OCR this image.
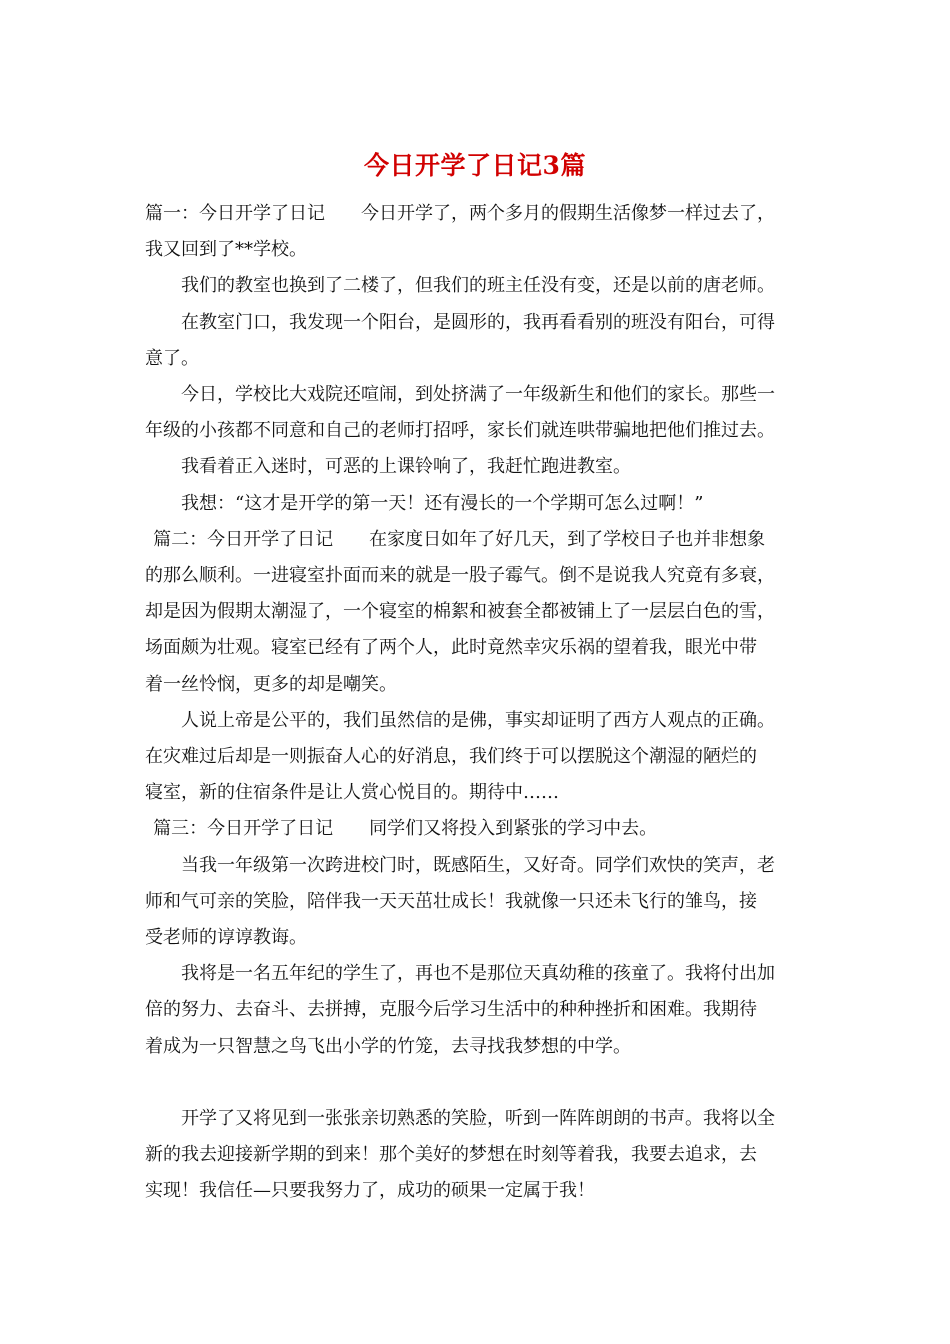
今日开学了日记3篇

篇一：今日开学了日记　　今日开学了，两个多月的假期生活像梦一样过去了，
我又回到了**学校。

我们的教室也换到了二楼了，但我们的班主任没有变，还是以前的唐老师。

在教室门口，我发现一个阳台，是圆形的，我再看看别的班没有阳台，可得
意了。

今日，学校比大戏院还喧闹，到处挤满了一年级新生和他们的家长。那些一
年级的小孩都不同意和自己的老师打招呼，家长们就连哄带骗地把他们推过去。

我看着正入迷时，可恶的上课铃响了，我赶忙跑进教室。

我想：“这才是开学的第一天！还有漫长的一个学期可怎么过啊！”

篇二：今日开学了日记　　在家度日如年了好几天，到了学校日子也并非想象
的那么顺利。一进寝室扑面而来的就是一股子霉气。倒不是说我人究竟有多衰，
却是因为假期太潮湿了，一个寝室的棉絮和被套全都被铺上了一层层白色的雪，
场面颇为壮观。寝室已经有了两个人，此时竟然幸灾乐祸的望着我，眼光中带
着一丝怜悯，更多的却是嘲笑。

人说上帝是公平的，我们虽然信的是佛，事实却证明了西方人观点的正确。
在灾难过后却是一则振奋人心的好消息，我们终于可以摆脱这个潮湿的陋烂的
寝室，新的住宿条件是让人赏心悦目的。期待中……

篇三：今日开学了日记　　同学们又将投入到紧张的学习中去。

当我一年级第一次跨进校门时，既感陌生，又好奇。同学们欢快的笑声，老
师和气可亲的笑脸，陪伴我一天天茁壮成长！我就像一只还未飞行的雏鸟，接
受老师的谆谆教诲。

我将是一名五年纪的学生了，再也不是那位天真幼稚的孩童了。我将付出加
倍的努力、去奋斗、去拼搏，克服今后学习生活中的种种挫折和困难。我期待
着成为一只智慧之鸟飞出小学的竹笼，去寻找我梦想的中学。

开学了又将见到一张张亲切熟悉的笑脸，听到一阵阵朗朗的书声。我将以全
新的我去迎接新学期的到来！那个美好的梦想在时刻等着我，我要去追求，去
实现！我信任—只要我努力了，成功的硕果一定属于我！
